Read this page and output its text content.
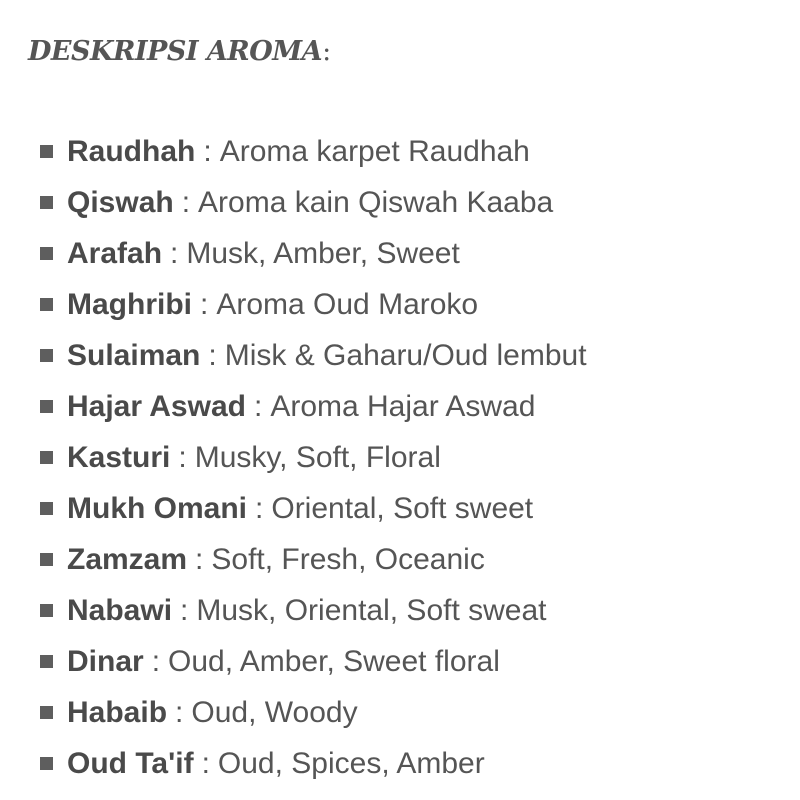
DESKRIPSI AROMA:
Raudhah : Aroma karpet Raudhah
Qiswah : Aroma kain Qiswah Kaaba
Arafah : Musk, Amber, Sweet
Maghribi : Aroma Oud Maroko
Sulaiman : Misk & Gaharu/Oud lembut
Hajar Aswad : Aroma Hajar Aswad
Kasturi : Musky, Soft, Floral
Mukh Omani : Oriental, Soft sweet
Zamzam : Soft, Fresh, Oceanic
Nabawi : Musk, Oriental, Soft sweat
Dinar : Oud, Amber, Sweet floral
Habaib : Oud, Woody
Oud Ta'if : Oud, Spices, Amber
